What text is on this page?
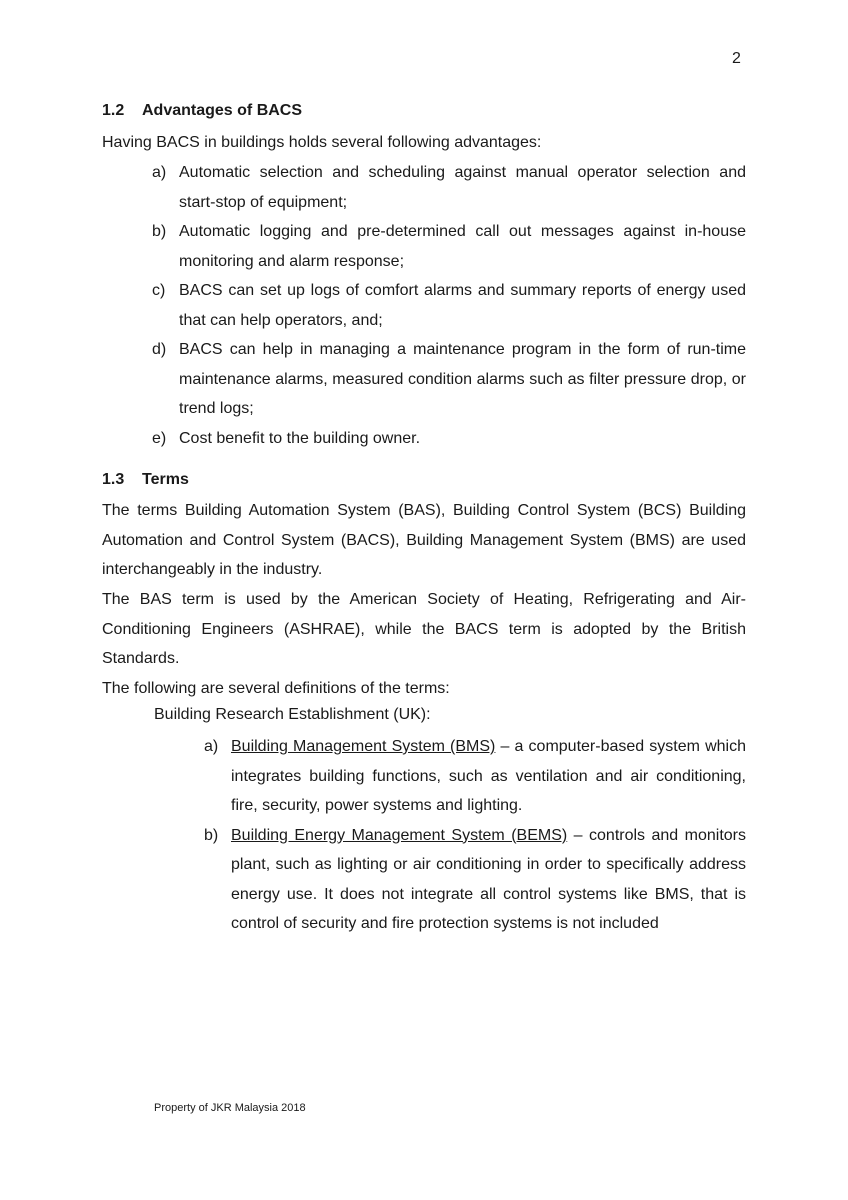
2
1.2 Advantages of BACS

Having BACS in buildings holds several following advantages:

a) Automatic selection and scheduling against manual operator selection and start-stop of equipment;
b) Automatic logging and pre-determined call out messages against in-house monitoring and alarm response;
c) BACS can set up logs of comfort alarms and summary reports of energy used that can help operators, and;
d) BACS can help in managing a maintenance program in the form of run-time maintenance alarms, measured condition alarms such as filter pressure drop, or trend logs;
e) Cost benefit to the building owner.
1.3 Terms

The terms Building Automation System (BAS), Building Control System (BCS) Building Automation and Control System (BACS), Building Management System (BMS) are used interchangeably in the industry.

The BAS term is used by the American Society of Heating, Refrigerating and Air-Conditioning Engineers (ASHRAE), while the BACS term is adopted by the British Standards.

The following are several definitions of the terms:

Building Research Establishment (UK):

a) Building Management System (BMS) – a computer-based system which integrates building functions, such as ventilation and air conditioning, fire, security, power systems and lighting.
b) Building Energy Management System (BEMS) – controls and monitors plant, such as lighting or air conditioning in order to specifically address energy use. It does not integrate all control systems like BMS, that is control of security and fire protection systems is not included
Property of JKR Malaysia 2018
